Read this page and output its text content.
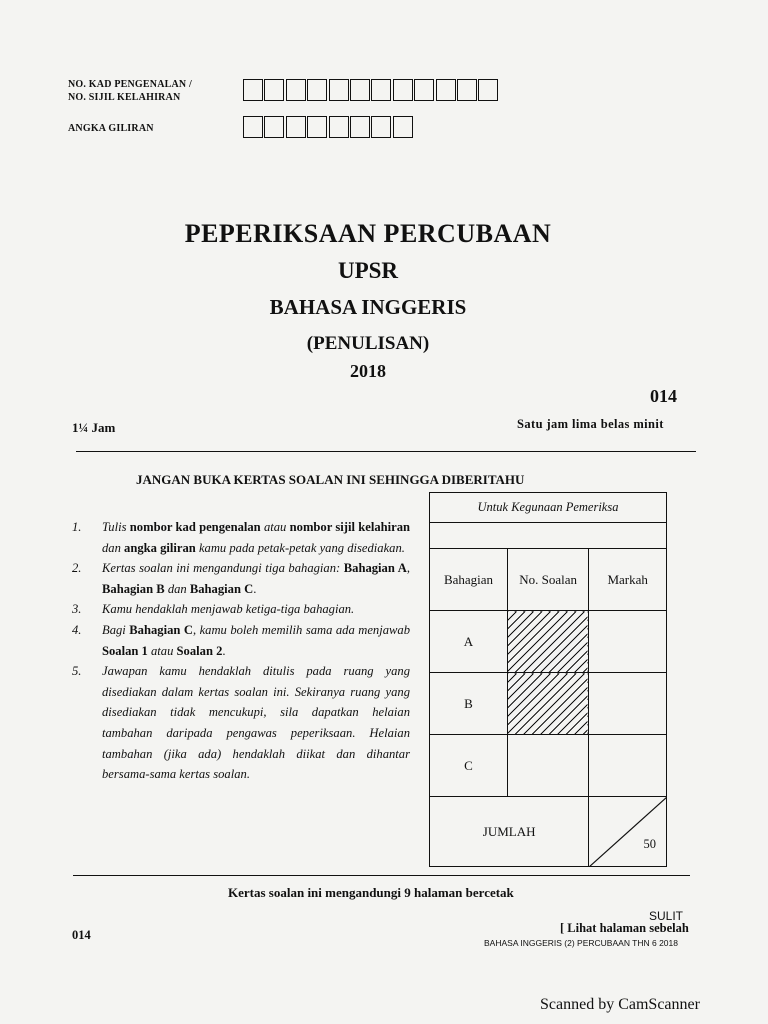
NO. KAD PENGENALAN /
NO. SIJIL KELAHIRAN
ANGKA GILIRAN
PEPERIKSAAN PERCUBAAN
UPSR
BAHASA INGGERIS
(PENULISAN)
2018
014
1¼ Jam	Satu jam lima belas minit
JANGAN BUKA KERTAS SOALAN INI SEHINGGA DIBERITAHU
1.	Tulis nombor kad pengenalan atau nombor sijil kelahiran dan angka giliran kamu pada petak-petak yang disediakan.
2.	Kertas soalan ini mengandungi tiga bahagian: Bahagian A, Bahagian B dan Bahagian C.
3.	Kamu hendaklah menjawab ketiga-tiga bahagian.
4.	Bagi Bahagian C, kamu boleh memilih sama ada menjawab Soalan 1 atau Soalan 2.
5.	Jawapan kamu hendaklah ditulis pada ruang yang disediakan dalam kertas soalan ini. Sekiranya ruang yang disediakan tidak mencukupi, sila dapatkan helaian tambahan daripada pengawas peperiksaan. Helaian tambahan (jika ada) hendaklah diikat dan dihantar bersama-sama kertas soalan.
Untuk Kegunaan Pemeriksa		

Bahagian	No. Soalan	Markah
A		
B		
C		
JUMLAH		50
Kertas soalan ini mengandungi 9 halaman bercetak
014
SULIT
[ Lihat halaman sebelah
BAHASA INGGERIS (2) PERCUBAAN THN 6 2018
Scanned by CamScanner
